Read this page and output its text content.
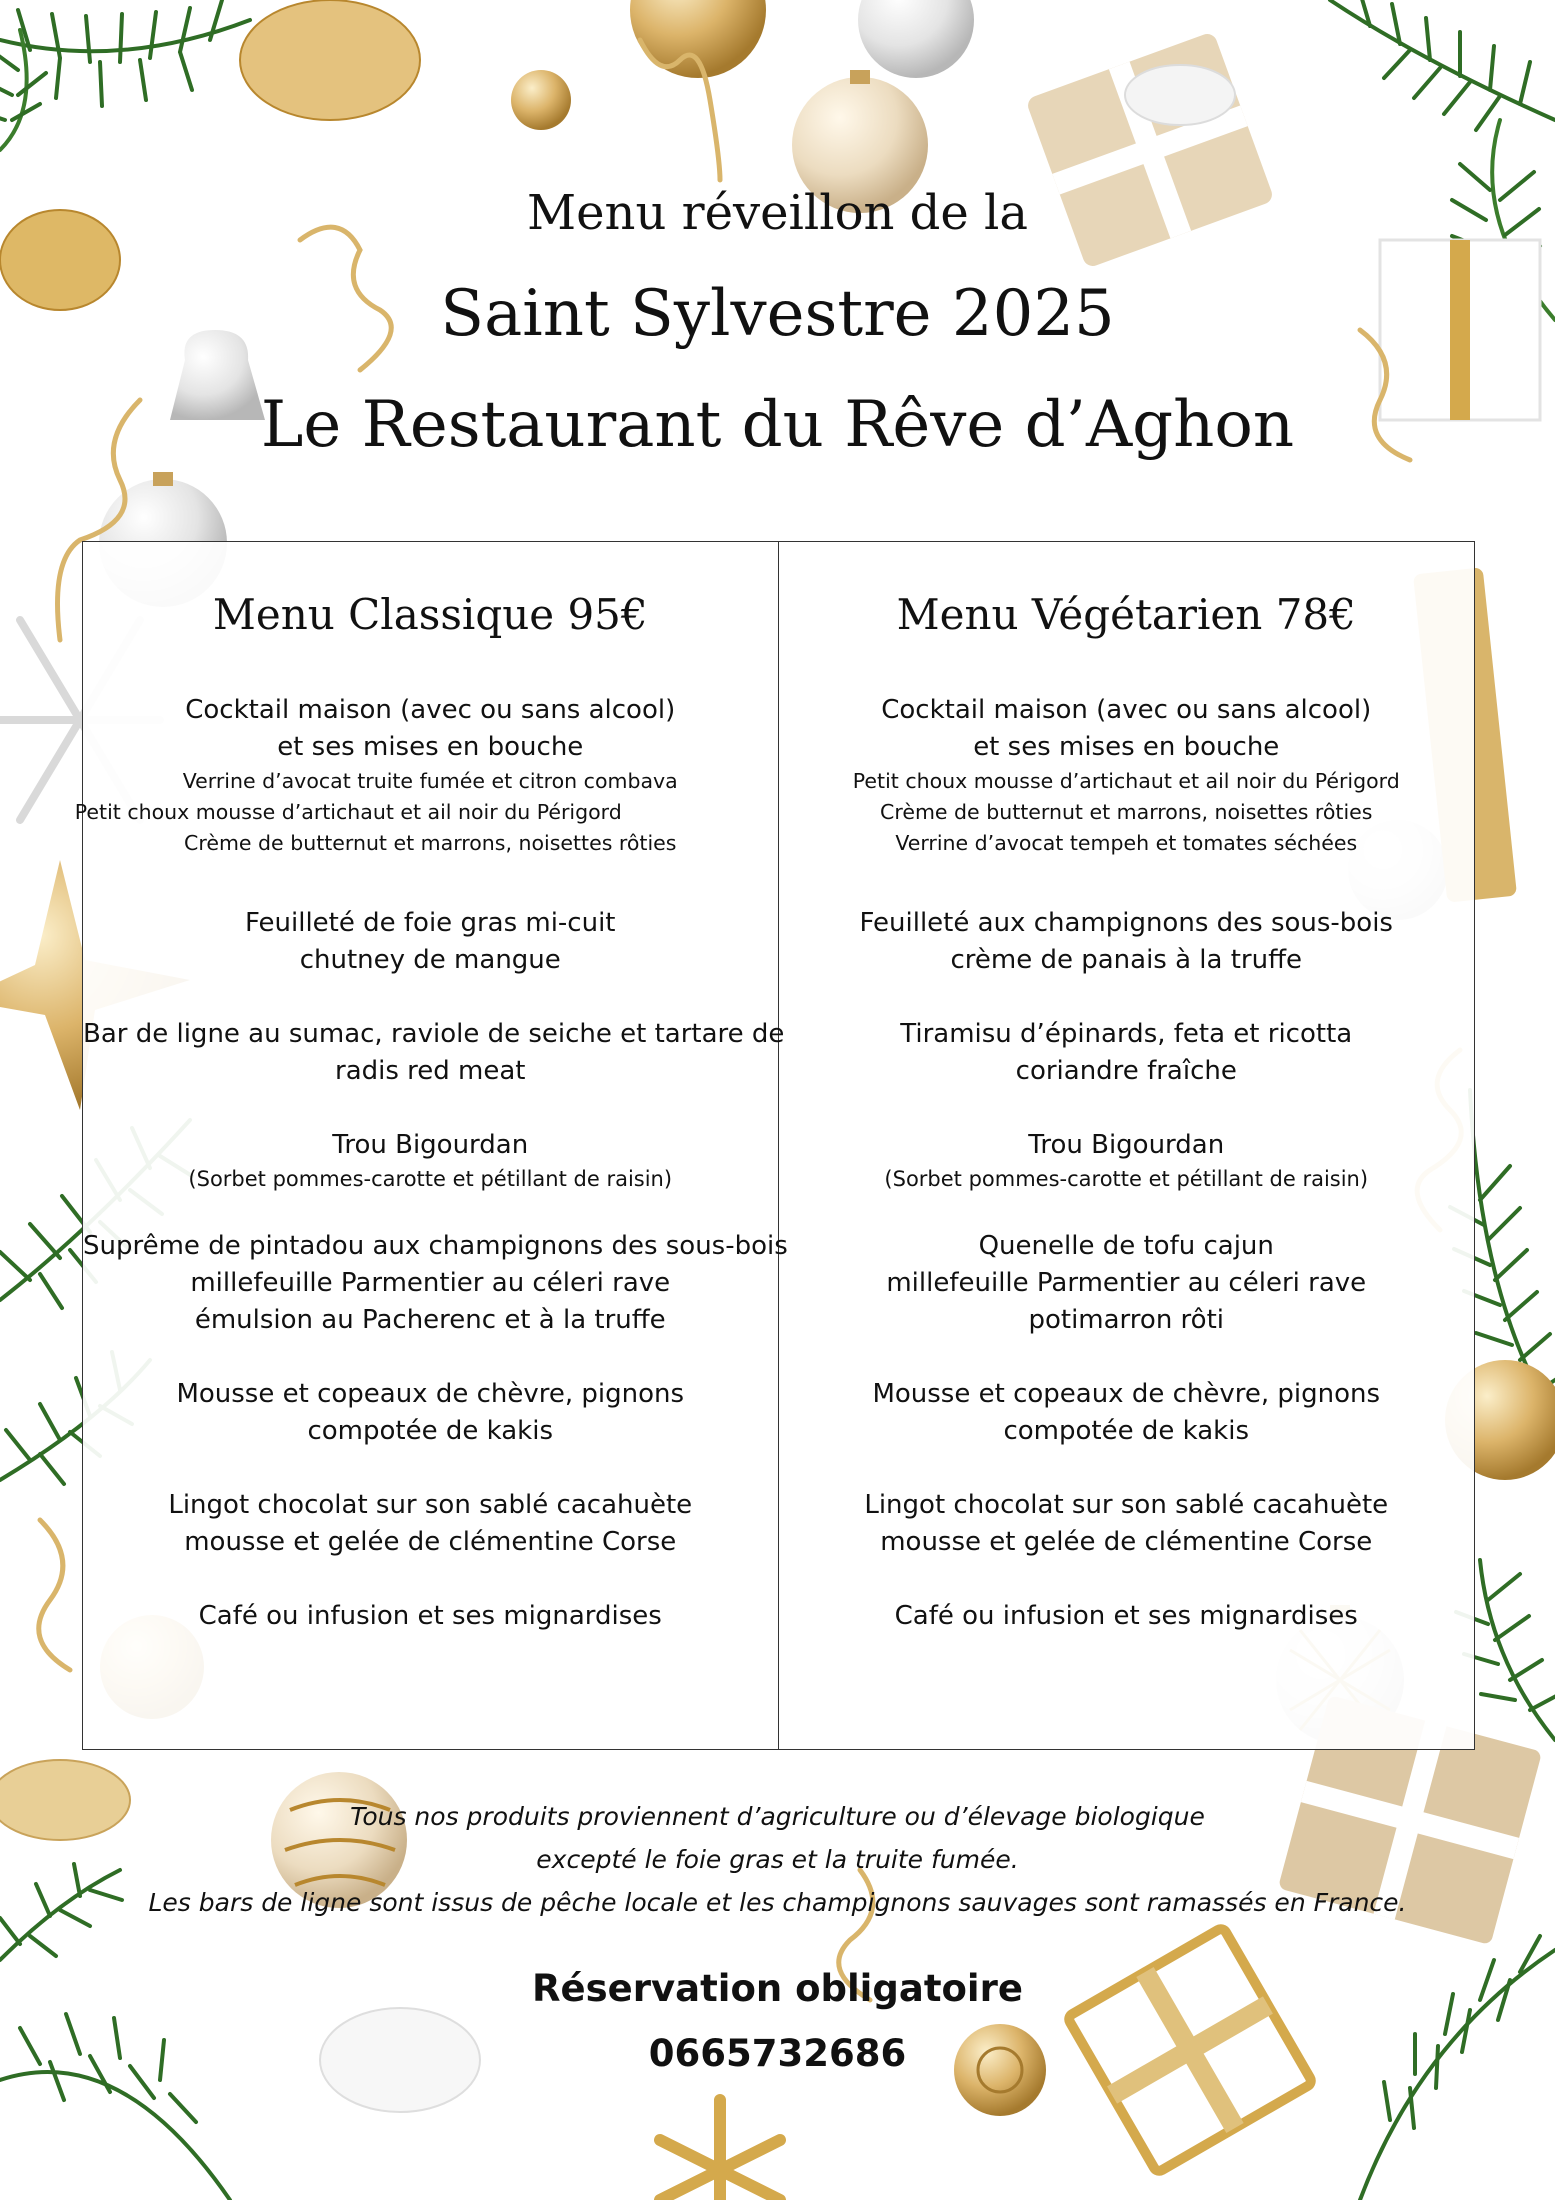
Menu réveillon de la
Saint Sylvestre 2025
Le Restaurant du Rêve d’Aghon
Menu Classique 95€
Cocktail maison (avec ou sans alcool)
et ses mises en bouche
Verrine d’avocat truite fumée et citron combava
Petit choux mousse d’artichaut et ail noir du Périgord
Crème de butternut et marrons, noisettes rôties
Feuilleté de foie gras mi-cuit
chutney de mangue
Bar de ligne au sumac, raviole de seiche et tartare de
radis red meat
Trou Bigourdan
(Sorbet pommes-carotte et pétillant de raisin)
Suprême de pintadou aux champignons des sous-bois
millefeuille Parmentier au céleri rave
émulsion au Pacherenc et à la truffe
Mousse et copeaux de chèvre, pignons
compotée de kakis
Lingot chocolat sur son sablé cacahuète
mousse et gelée de clémentine Corse
Café ou infusion et ses mignardises
Menu Végétarien 78€
Cocktail maison (avec ou sans alcool)
et ses mises en bouche
Petit choux mousse d’artichaut et ail noir du Périgord
Crème de butternut et marrons, noisettes rôties
Verrine d’avocat tempeh et tomates séchées
Feuilleté aux champignons des sous-bois
crème de panais à la truffe
Tiramisu d’épinards, feta et ricotta
coriandre fraîche
Trou Bigourdan
(Sorbet pommes-carotte et pétillant de raisin)
Quenelle de tofu cajun
millefeuille Parmentier au céleri rave
potimarron rôti
Mousse et copeaux de chèvre, pignons
compotée de kakis
Lingot chocolat sur son sablé cacahuète
mousse et gelée de clémentine Corse
Café ou infusion et ses mignardises
Tous nos produits proviennent d’agriculture ou d’élevage biologique
excepté le foie gras et la truite fumée.
Les bars de ligne sont issus de pêche locale et les champignons sauvages sont ramassés en France.
Réservation obligatoire
0665732686
